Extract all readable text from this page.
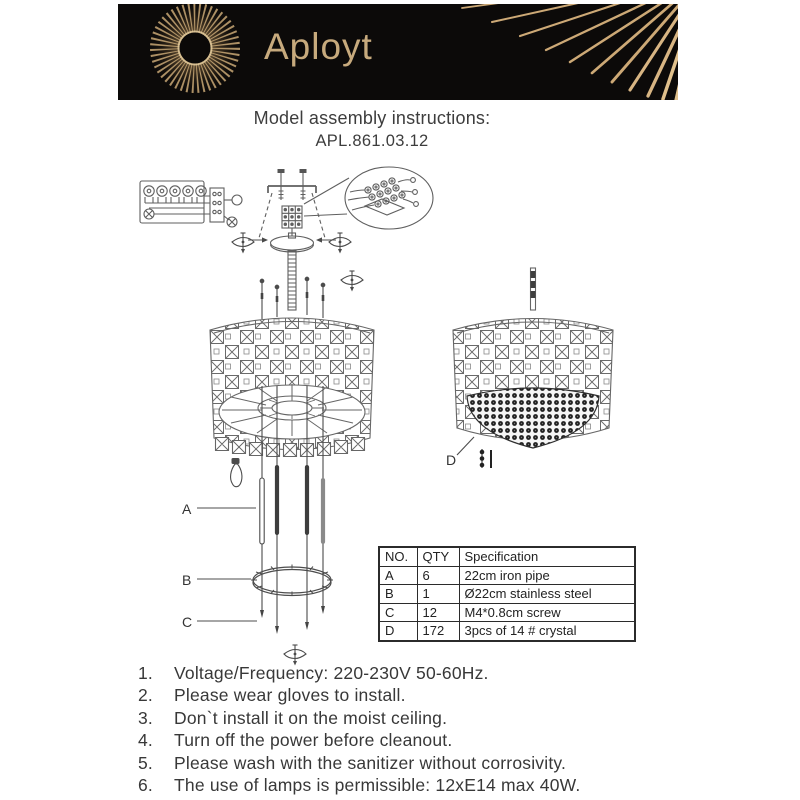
Aployt
Model assembly instructions:
APL.861.03.12
A
B
C
D
NO.	QTY	Specification
A	6	22cm iron pipe
B	1	Ø22cm stainless steel
C	12	M4*0.8cm screw
D	172	3pcs of 14 # crystal
1.	Voltage/Frequency: 220-230V 50-60Hz.
2.	Please wear gloves to install.
3.	Don`t install it on the moist ceiling.
4.	Turn off the power before cleanout.
5.	Please wash with the sanitizer without corrosivity.
6.	The use of lamps is permissible: 12xE14 max 40W.
